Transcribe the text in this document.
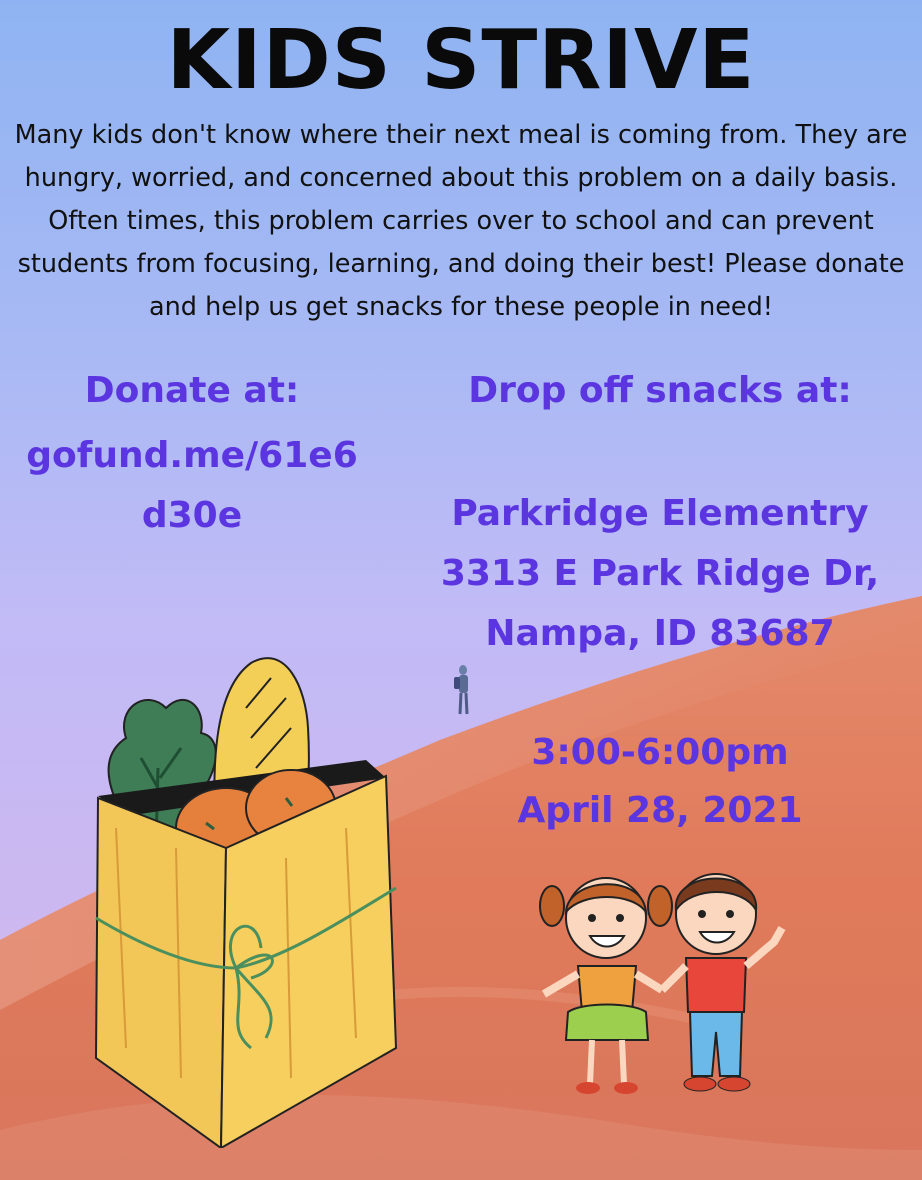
KIDS STRIVE

Many kids don't know where their next meal is coming from. They are hungry, worried, and concerned about this problem on a daily basis. Often times, this problem carries over to school and can prevent students from focusing, learning, and doing their best! Please donate and help us get snacks for these people in need!

Donate at:

gofund.me/61e6d30e

Drop off snacks at:

Parkridge Elementry
3313 E Park Ridge Dr,
Nampa, ID 83687
3:00-6:00pm
April 28, 2021
